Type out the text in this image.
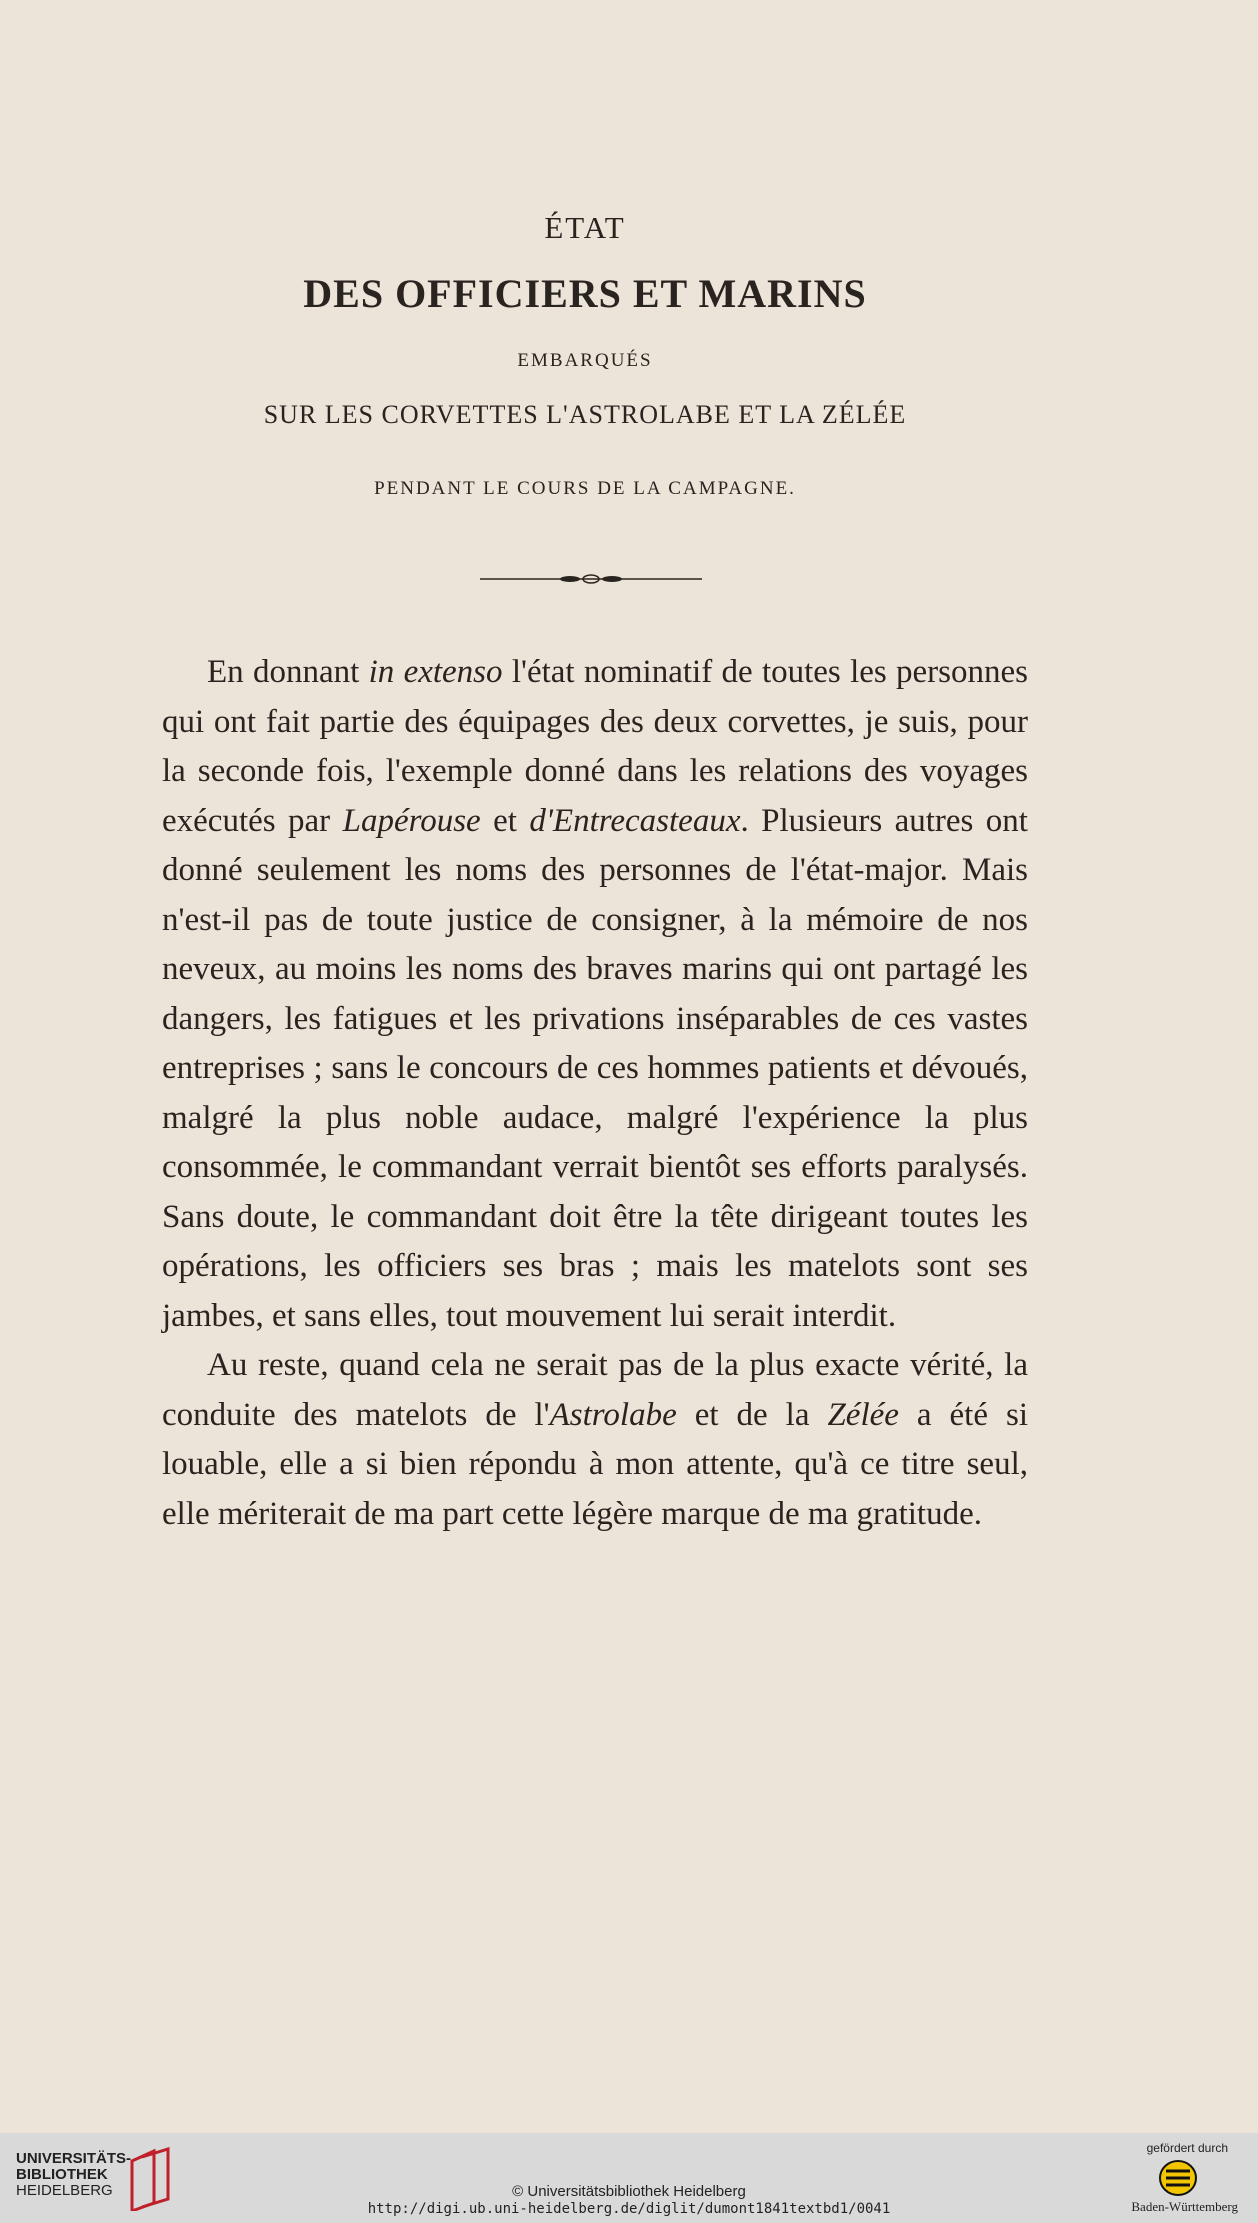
ÉTAT
DES OFFICIERS ET MARINS
EMBARQUÉS
SUR LES CORVETTES L'ASTROLABE ET LA ZÉLÉE
PENDANT LE COURS DE LA CAMPAGNE.

En donnant in extenso l'état nominatif de toutes les personnes qui ont fait partie des équipages des deux corvettes, je suis, pour la seconde fois, l'exemple donné dans les relations des voyages exécutés par Lapérouse et d'Entrecasteaux. Plusieurs autres ont donné seulement les noms des personnes de l'état-major. Mais n'est-il pas de toute justice de consigner, à la mémoire de nos neveux, au moins les noms des braves marins qui ont partagé les dangers, les fatigues et les privations inséparables de ces vastes entreprises ; sans le concours de ces hommes patients et dévoués, malgré la plus noble audace, malgré l'expérience la plus consommée, le commandant verrait bientôt ses efforts paralysés. Sans doute, le commandant doit être la tête dirigeant toutes les opérations, les officiers ses bras ; mais les matelots sont ses jambes, et sans elles, tout mouvement lui serait interdit.

Au reste, quand cela ne serait pas de la plus exacte vérité, la conduite des matelots de l'Astrolabe et de la Zélée a été si louable, elle a si bien répondu à mon attente, qu'à ce titre seul, elle mériterait de ma part cette légère marque de ma gratitude.

UNIVERSITÄTS-
BIBLIOTHEK
HEIDELBERG	© Universitätsbibliothek Heidelberg
http://digi.ub.uni-heidelberg.de/diglit/dumont1841textbd1/0041
gefördert durch
Baden-Württemberg
